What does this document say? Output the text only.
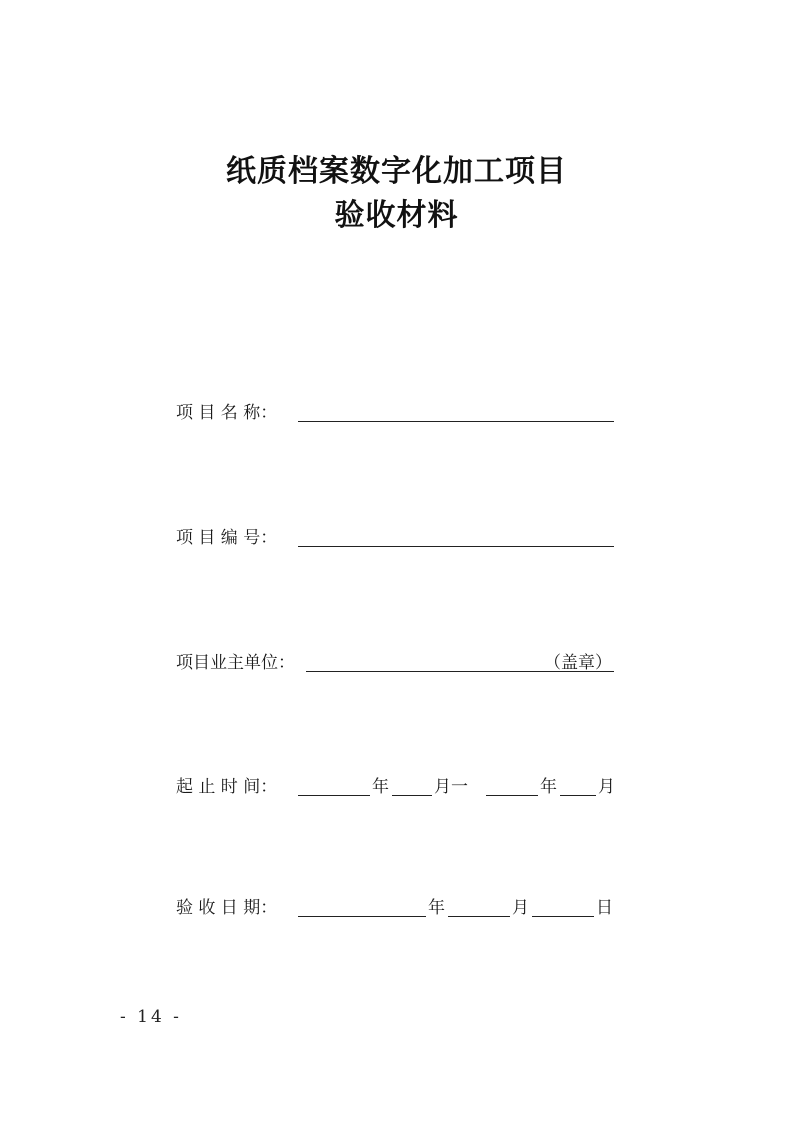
纸质档案数字化加工项目
验收材料
项 目 名 称：
项 目 编 号：
项目业主单位：	（盖章）
起 止 时 间：	年	月一	年 月
验 收 日 期：	年	月	日
- 14 -
